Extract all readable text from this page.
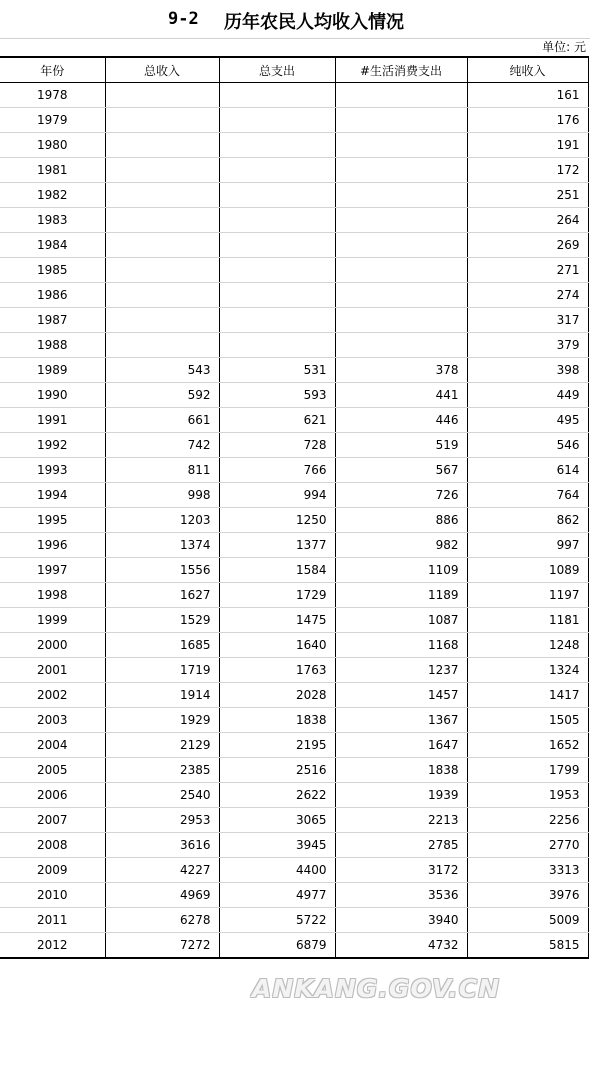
9-2 历年农民人均收入情况
单位: 元
年份	总收入	总支出	#生活消费支出	纯收入
1978				161
1979				176
1980				191
1981				172
1982				251
1983				264
1984				269
1985				271
1986				274
1987				317
1988				379
1989	543	531	378	398
1990	592	593	441	449
1991	661	621	446	495
1992	742	728	519	546
1993	811	766	567	614
1994	998	994	726	764
1995	1203	1250	886	862
1996	1374	1377	982	997
1997	1556	1584	1109	1089
1998	1627	1729	1189	1197
1999	1529	1475	1087	1181
2000	1685	1640	1168	1248
2001	1719	1763	1237	1324
2002	1914	2028	1457	1417
2003	1929	1838	1367	1505
2004	2129	2195	1647	1652
2005	2385	2516	1838	1799
2006	2540	2622	1939	1953
2007	2953	3065	2213	2256
2008	3616	3945	2785	2770
2009	4227	4400	3172	3313
2010	4969	4977	3536	3976
2011	6278	5722	3940	5009
2012	7272	6879	4732	5815
ANKANG.GOV.CN
